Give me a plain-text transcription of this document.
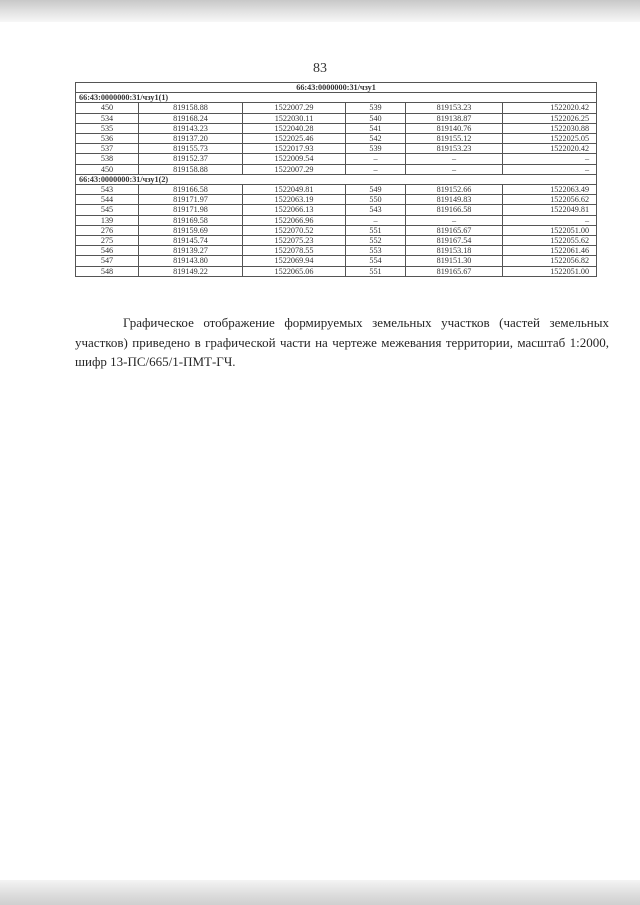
83
66:43:0000000:31/чзу1					
66:43:0000000:31/чзу1(1)					
450	819158.88	1522007.29	539	819153.23	1522020.42
534	819168.24	1522030.11	540	819138.87	1522026.25
535	819143.23	1522040.28	541	819140.76	1522030.88
536	819137.20	1522025.46	542	819155.12	1522025.05
537	819155.73	1522017.93	539	819153.23	1522020.42
538	819152.37	1522009.54	–	–	–
450	819158.88	1522007.29	–	–	–
66:43:0000000:31/чзу1(2)					
543	819166.58	1522049.81	549	819152.66	1522063.49
544	819171.97	1522063.19	550	819149.83	1522056.62
545	819171.98	1522066.13	543	819166.58	1522049.81
139	819169.58	1522066.96	–	–	–
276	819159.69	1522070.52	551	819165.67	1522051.00
275	819145.74	1522075.23	552	819167.54	1522055.62
546	819139.27	1522078.55	553	819153.18	1522061.46
547	819143.80	1522069.94	554	819151.30	1522056.82
548	819149.22	1522065.06	551	819165.67	1522051.00

Графическое отображение формируемых земельных участков (частей земельных участков) приведено в графической части на чертеже межевания территории, масштаб 1:2000, шифр 13-ПС/665/1-ПМТ-ГЧ.
